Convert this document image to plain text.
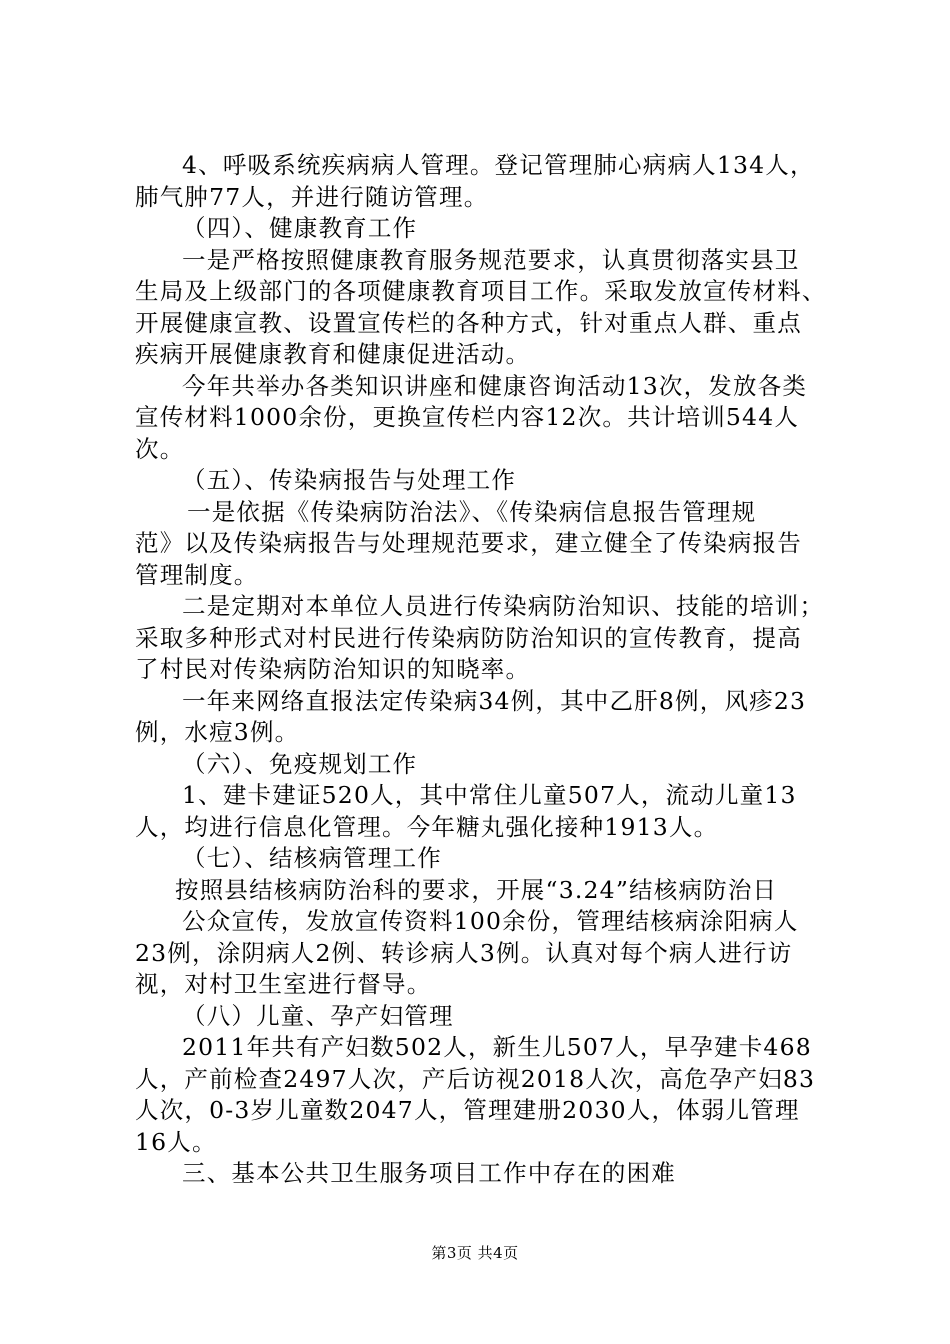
4、呼吸系统疾病病人管理。登记管理肺心病病人134人，
肺气肿77人，并进行随访管理。
（四）、健康教育工作
一是严格按照健康教育服务规范要求，认真贯彻落实县卫
生局及上级部门的各项健康教育项目工作。采取发放宣传材料、
开展健康宣教、设置宣传栏的各种方式，针对重点人群、重点
疾病开展健康教育和健康促进活动。
今年共举办各类知识讲座和健康咨询活动13次，发放各类
宣传材料1000余份，更换宣传栏内容12次。共计培训544人
次。
（五）、传染病报告与处理工作
一是依据《传染病防治法》、《传染病信息报告管理规
范》以及传染病报告与处理规范要求，建立健全了传染病报告
管理制度。
二是定期对本单位人员进行传染病防治知识、技能的培训；
采取多种形式对村民进行传染病防防治知识的宣传教育，提高
了村民对传染病防治知识的知晓率。
一年来网络直报法定传染病34例，其中乙肝8例，风疹23
例，水痘3例。
（六）、免疫规划工作
1、建卡建证520人，其中常住儿童507人，流动儿童13
人，均进行信息化管理。今年糖丸强化接种1913人。
（七）、结核病管理工作
按照县结核病防治科的要求，开展“3.24”结核病防治日
公众宣传，发放宣传资料100余份，管理结核病涂阳病人
23例，涂阴病人2例、转诊病人3例。认真对每个病人进行访
视，对村卫生室进行督导。
（八）儿童、孕产妇管理
2011年共有产妇数502人，新生儿507人，早孕建卡468
人，产前检查2497人次，产后访视2018人次，高危孕产妇83
人次，0-3岁儿童数2047人，管理建册2030人，体弱儿管理
16人。
三、基本公共卫生服务项目工作中存在的困难
第3页 共4页
